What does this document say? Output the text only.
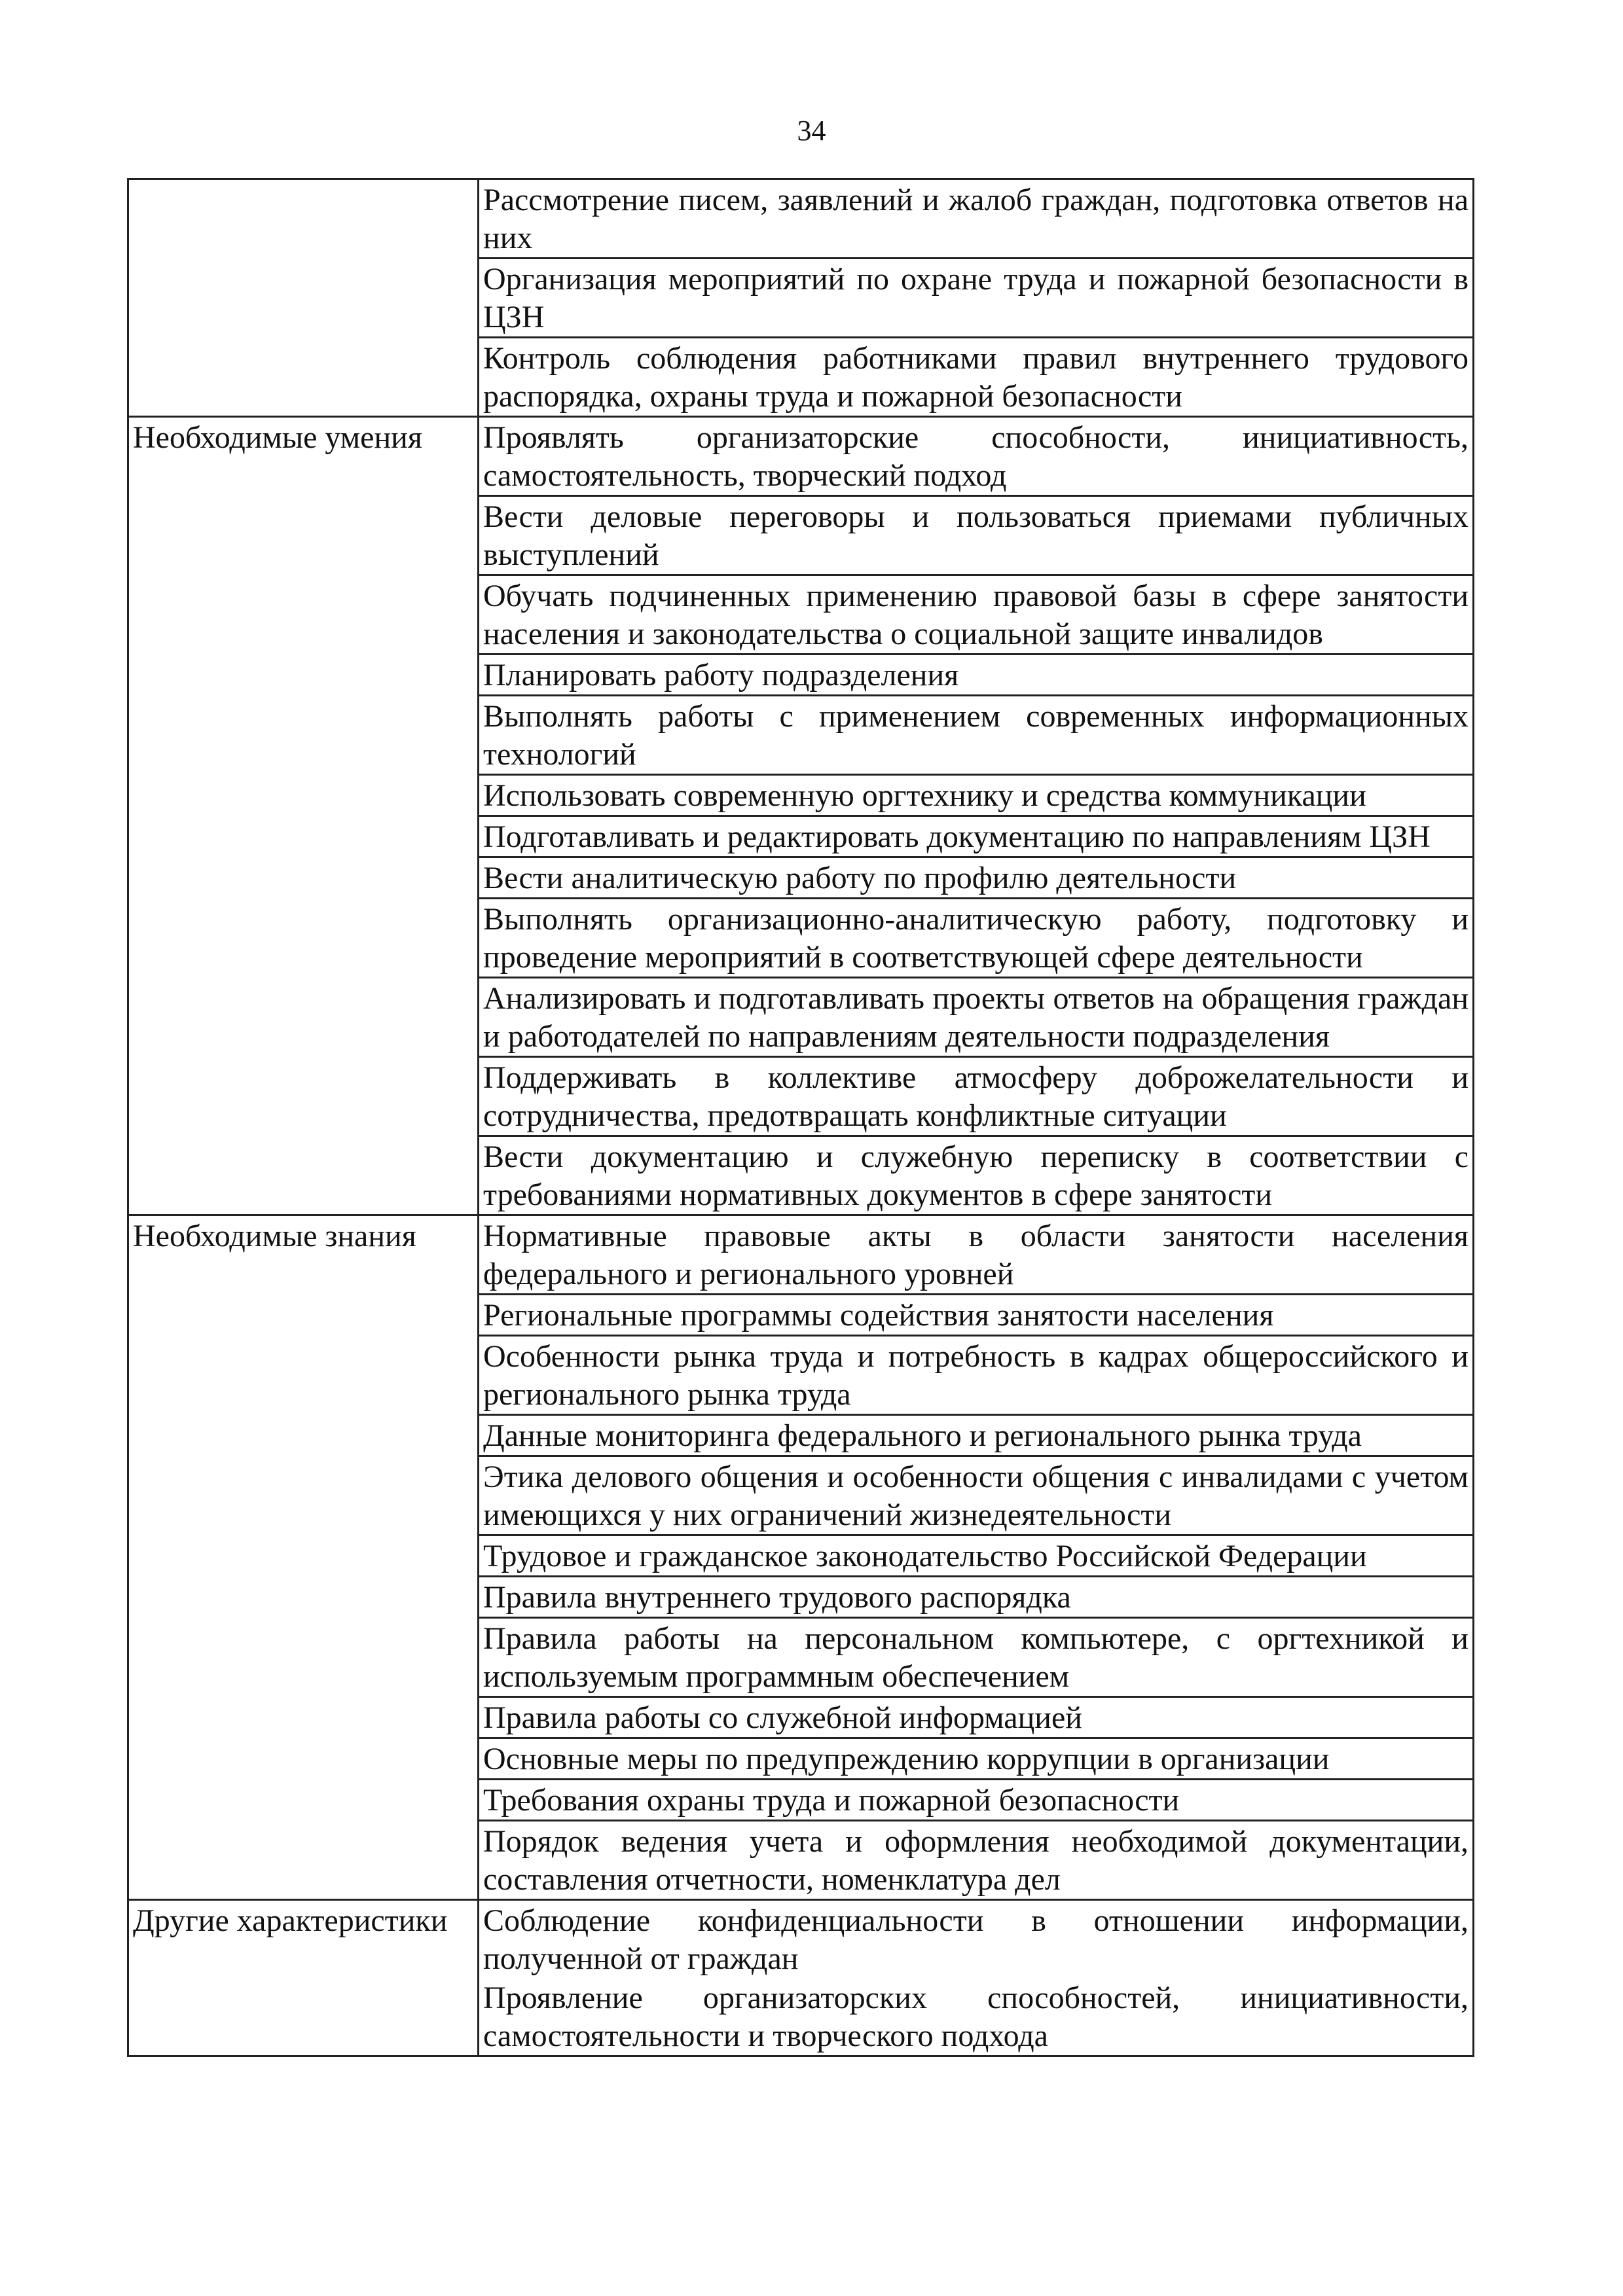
34
	Рассмотрение писем, заявлений и жалоб граждан, подготовка ответов на них
	Организация мероприятий по охране труда и пожарной безопасности в ЦЗН
	Контроль соблюдения работниками правил внутреннего трудового распорядка, охраны труда и пожарной безопасности
Необходимые умения	Проявлять организаторские способности, инициативность, самостоятельность, творческий подход
	Вести деловые переговоры и пользоваться приемами публичных выступлений
	Обучать подчиненных применению правовой базы в сфере занятости населения и законодательства о социальной защите инвалидов
	Планировать работу подразделения
	Выполнять работы с применением современных информационных технологий
	Использовать современную оргтехнику и средства коммуникации
	Подготавливать и редактировать документацию по направлениям ЦЗН
	Вести аналитическую работу по профилю деятельности
	Выполнять организационно-аналитическую работу, подготовку и проведение мероприятий в соответствующей сфере деятельности
	Анализировать и подготавливать проекты ответов на обращения граждан и работодателей по направлениям деятельности подразделения
	Поддерживать в коллективе атмосферу доброжелательности и сотрудничества, предотвращать конфликтные ситуации
	Вести документацию и служебную переписку в соответствии с требованиями нормативных документов в сфере занятости
Необходимые знания	Нормативные правовые акты в области занятости населения федерального и регионального уровней
	Региональные программы содействия занятости населения
	Особенности рынка труда и потребность в кадрах общероссийского и регионального рынка труда
	Данные мониторинга федерального и регионального рынка труда
	Этика делового общения и особенности общения с инвалидами с учетом имеющихся у них ограничений жизнедеятельности
	Трудовое и гражданское законодательство Российской Федерации
	Правила внутреннего трудового распорядка
	Правила работы на персональном компьютере, с оргтехникой и используемым программным обеспечением
	Правила работы со служебной информацией
	Основные меры по предупреждению коррупции в организации
	Требования охраны труда и пожарной безопасности
	Порядок ведения учета и оформления необходимой документации, составления отчетности, номенклатура дел
Другие характеристики	Соблюдение конфиденциальности в отношении информации, полученной от граждан
	Проявление организаторских способностей, инициативности, самостоятельности и творческого подхода
